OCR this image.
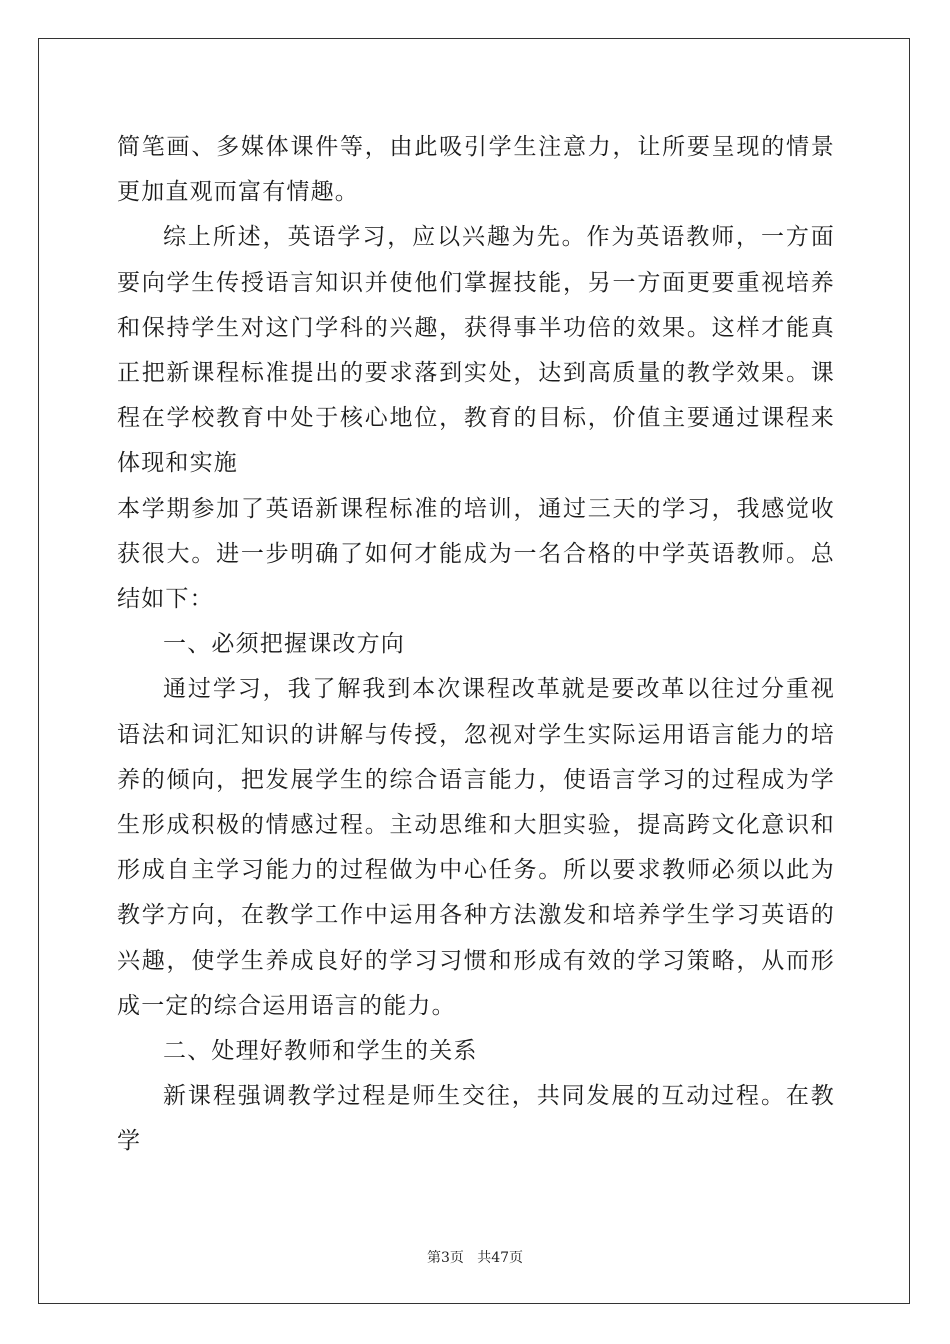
简笔画、多媒体课件等，由此吸引学生注意力，让所要呈现的情景更加直观而富有情趣。

综上所述，英语学习，应以兴趣为先。作为英语教师，一方面要向学生传授语言知识并使他们掌握技能，另一方面更要重视培养和保持学生对这门学科的兴趣，获得事半功倍的效果。这样才能真正把新课程标准提出的要求落到实处，达到高质量的教学效果。课程在学校教育中处于核心地位，教育的目标，价值主要通过课程来体现和实施

本学期参加了英语新课程标准的培训，通过三天的学习，我感觉收获很大。进一步明确了如何才能成为一名合格的中学英语教师。总结如下：

一、必须把握课改方向

通过学习，我了解我到本次课程改革就是要改革以往过分重视语法和词汇知识的讲解与传授，忽视对学生实际运用语言能力的培养的倾向，把发展学生的综合语言能力，使语言学习的过程成为学生形成积极的情感过程。主动思维和大胆实验，提高跨文化意识和形成自主学习能力的过程做为中心任务。所以要求教师必须以此为教学方向，在教学工作中运用各种方法激发和培养学生学习英语的兴趣，使学生养成良好的学习习惯和形成有效的学习策略，从而形成一定的综合运用语言的能力。

二、处理好教师和学生的关系

新课程强调教学过程是师生交往，共同发展的互动过程。在教学

第3页   共47页
